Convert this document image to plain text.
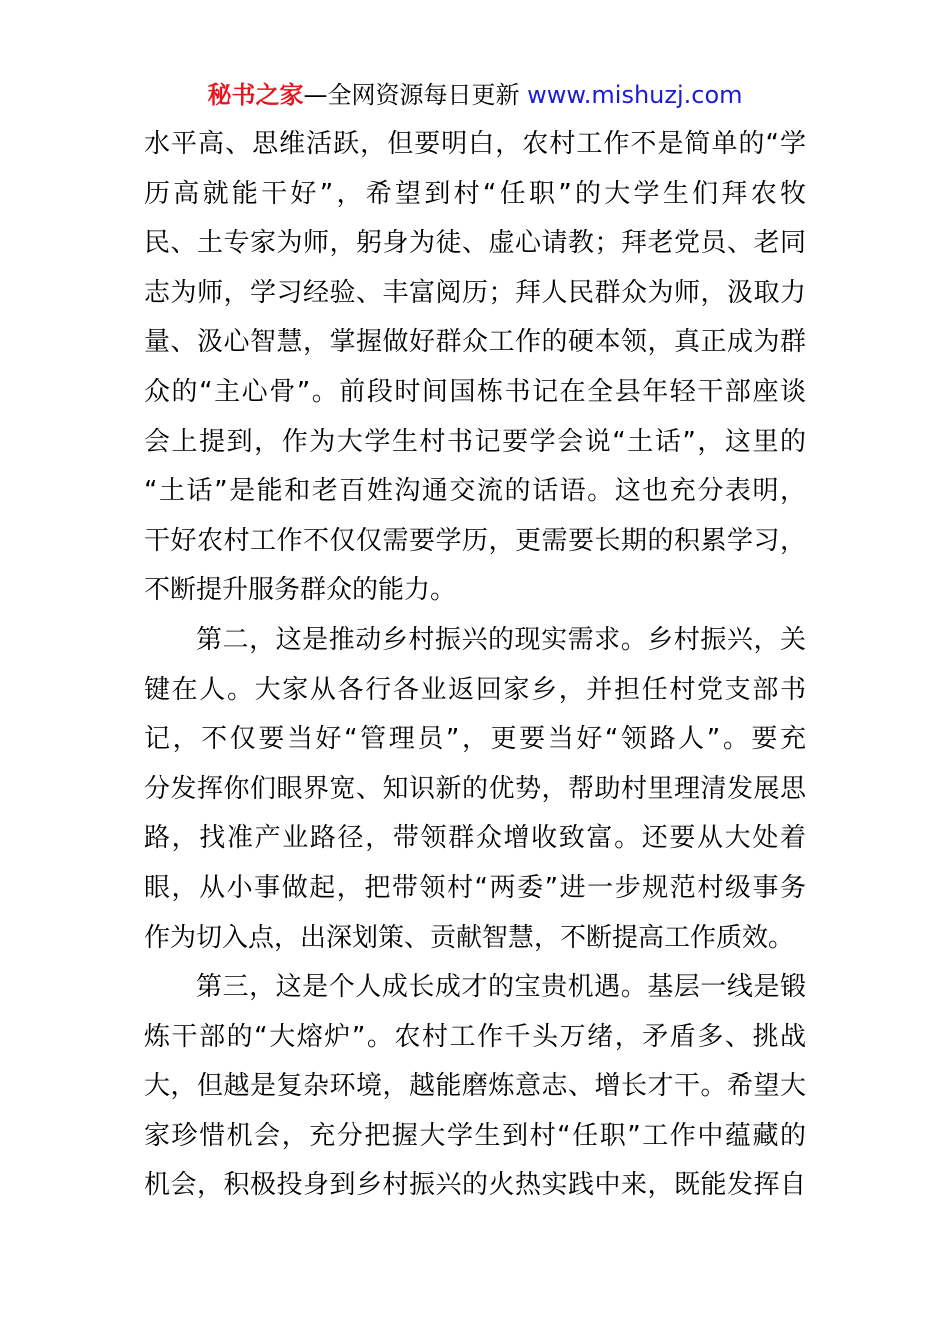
秘书之家—全网资源每日更新 www.mishuzj.com
水平高、思维活跃，但要明白，农村工作不是简单的“学
历高就能干好”，希望到村“任职”的大学生们拜农牧
民、土专家为师，躬身为徒、虚心请教；拜老党员、老同
志为师，学习经验、丰富阅历；拜人民群众为师，汲取力
量、汲心智慧，掌握做好群众工作的硬本领，真正成为群
众的“主心骨”。前段时间国栋书记在全县年轻干部座谈
会上提到，作为大学生村书记要学会说“土话”，这里的
“土话”是能和老百姓沟通交流的话语。这也充分表明，
干好农村工作不仅仅需要学历，更需要长期的积累学习，
不断提升服务群众的能力。
第二，这是推动乡村振兴的现实需求。乡村振兴，关
键在人。大家从各行各业返回家乡，并担任村党支部书
记，不仅要当好“管理员”，更要当好“领路人”。要充
分发挥你们眼界宽、知识新的优势，帮助村里理清发展思
路，找准产业路径，带领群众增收致富。还要从大处着
眼，从小事做起，把带领村“两委”进一步规范村级事务
作为切入点，出深划策、贡献智慧，不断提高工作质效。
第三，这是个人成长成才的宝贵机遇。基层一线是锻
炼干部的“大熔炉”。农村工作千头万绪，矛盾多、挑战
大，但越是复杂环境，越能磨炼意志、增长才干。希望大
家珍惜机会，充分把握大学生到村“任职”工作中蕴藏的
机会，积极投身到乡村振兴的火热实践中来，既能发挥自
